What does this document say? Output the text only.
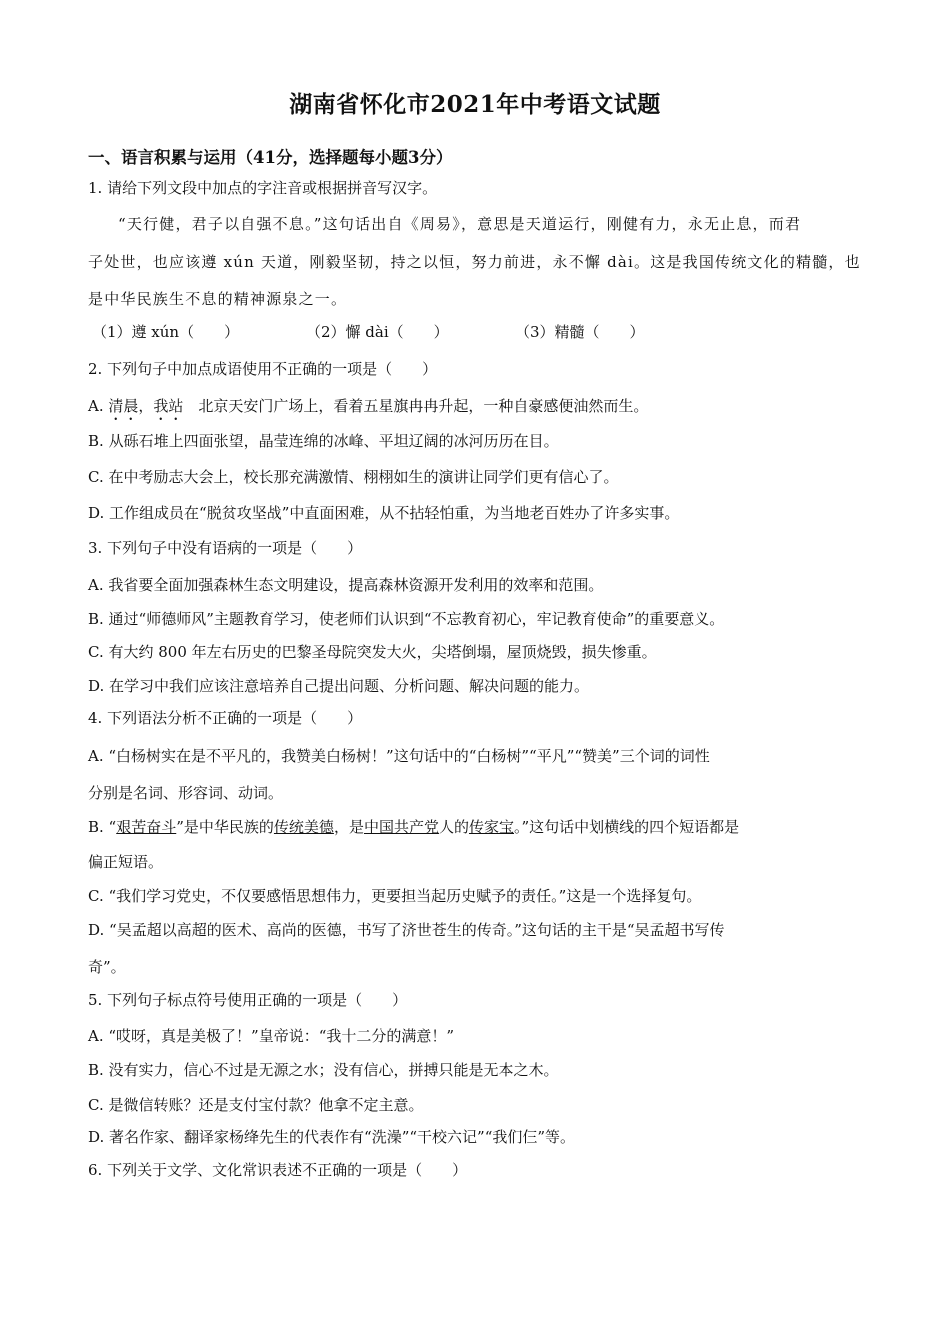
湖南省怀化市2021年中考语文试题
一、语言积累与运用（41分，选择题每小题3分）
1. 请给下列文段中加点的字注音或根据拼音写汉字。
“天行健，君子以自强不息。”这句话出自《周易》，意思是天道运行，刚健有力，永无止息，而君
子处世，也应该遵 xún 天道，刚毅坚韧，持之以恒，努力前进，永不懈 dài。这是我国传统文化的精髓，也
是中华民族生不息的精神源泉之一。
（1）遵 xún（　　）	（2）懈 dài（　　）	（3）精髓（　　）
2. 下列句子中加点成语使用不正确的一项是（　　）
A. 清晨，我站　北京天安门广场上，看着五星旗冉冉升起，一种自豪感便油然而生。
B. 从砾石堆上四面张望，晶莹连绵的冰峰、平坦辽阔的冰河历历在目。
C. 在中考励志大会上，校长那充满激情、栩栩如生的演讲让同学们更有信心了。
D. 工作组成员在“脱贫攻坚战”中直面困难，从不拈轻怕重，为当地老百姓办了许多实事。
3. 下列句子中没有语病的一项是（　　）
A. 我省要全面加强森林生态文明建设，提高森林资源开发利用的效率和范围。
B. 通过“师德师风”主题教育学习，使老师们认识到“不忘教育初心，牢记教育使命”的重要意义。
C. 有大约 800 年左右历史的巴黎圣母院突发大火，尖塔倒塌，屋顶烧毁，损失惨重。
D. 在学习中我们应该注意培养自己提出问题、分析问题、解决问题的能力。
4. 下列语法分析不正确的一项是（　　）
A. “白杨树实在是不平凡的，我赞美白杨树！”这句话中的“白杨树”“平凡”“赞美”三个词的词性
分别是名词、形容词、动词。
B. “艰苦奋斗”是中华民族的传统美德，是中国共产党人的传家宝。”这句话中划横线的四个短语都是
偏正短语。
C. “我们学习党史，不仅要感悟思想伟力，更要担当起历史赋予的责任。”这是一个选择复句。
D. “吴孟超以高超的医术、高尚的医德，书写了济世苍生的传奇。”这句话的主干是“吴孟超书写传
奇”。
5. 下列句子标点符号使用正确的一项是（　　）
A. “哎呀，真是美极了！”皇帝说：“我十二分的满意！”
B. 没有实力，信心不过是无源之水；没有信心，拼搏只能是无本之木。
C. 是微信转账？还是支付宝付款？他拿不定主意。
D. 著名作家、翻译家杨绛先生的代表作有“洗澡”“干校六记”“我们仨”等。
6. 下列关于文学、文化常识表述不正确的一项是（　　）
